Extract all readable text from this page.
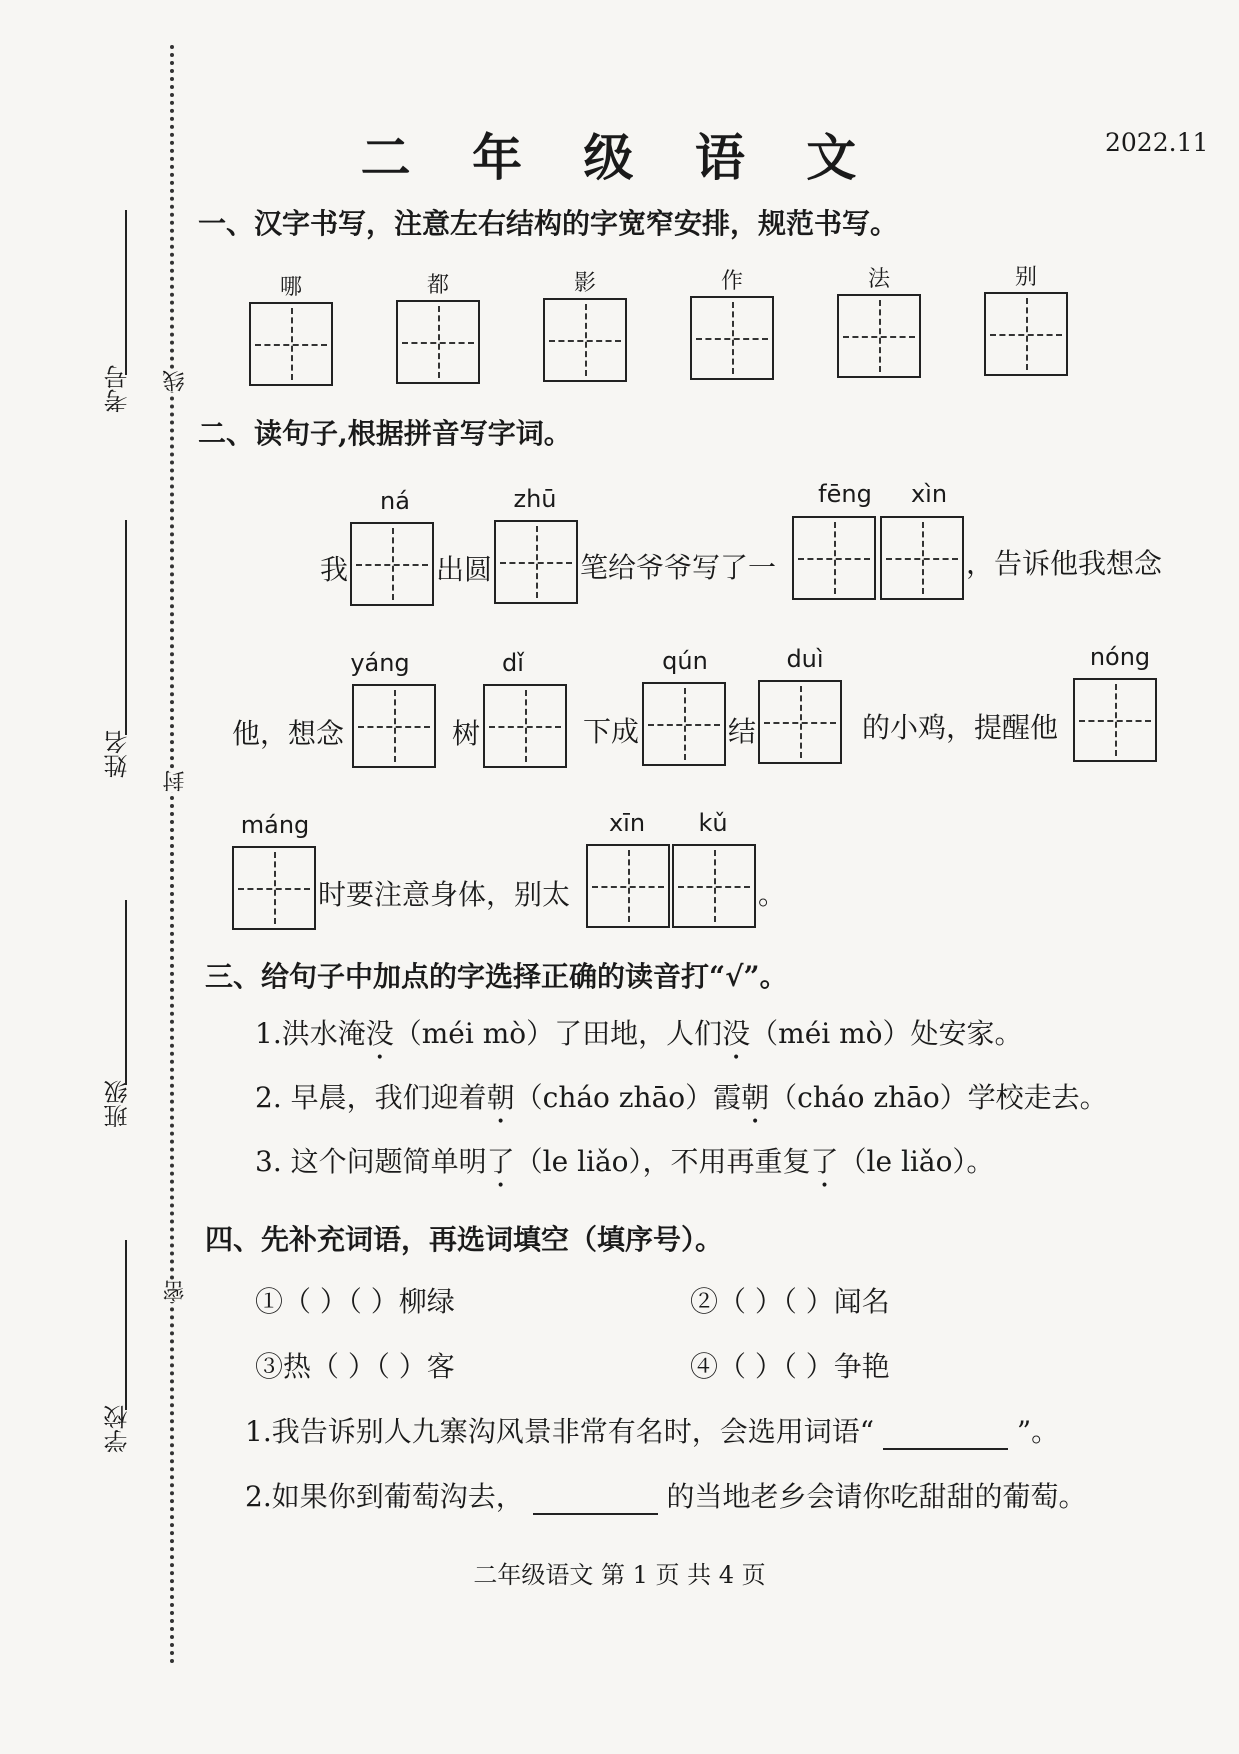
二 年 级 语 文	2022.11
线
封
密
考号
姓名
班级
学校
一、汉字书写，注意左右结构的字宽窄安排，规范书写。
哪	都	影	作	法	别
二、读句子,根据拼音写字词。
ná	zhū	fēng	xìn
我	出圆	笔给爷爷写了一	，告诉他我想念
yáng	dǐ	qún	duì	nóng
他，想念	树	下成	结	的小鸡，提醒他
máng	xīn	kǔ
时要注意身体，别太	。
三、给句子中加点的字选择正确的读音打“√”。
1.洪水淹没（méi mò）了田地，人们没（méi mò）处安家。
2. 早晨，我们迎着朝（cháo zhāo）霞朝（cháo zhāo）学校走去。
3. 这个问题简单明了（le liǎo），不用再重复了（le liǎo）。
四、先补充词语，再选词填空（填序号）。
①（ ）（ ）柳绿	②（ ）（ ）闻名
③热（ ）（ ）客	④（ ）（ ）争艳
1.我告诉别人九寨沟风景非常有名时，会选用词语“	”。
2.如果你到葡萄沟去，	的当地老乡会请你吃甜甜的葡萄。
二年级语文 第 1 页 共 4 页
